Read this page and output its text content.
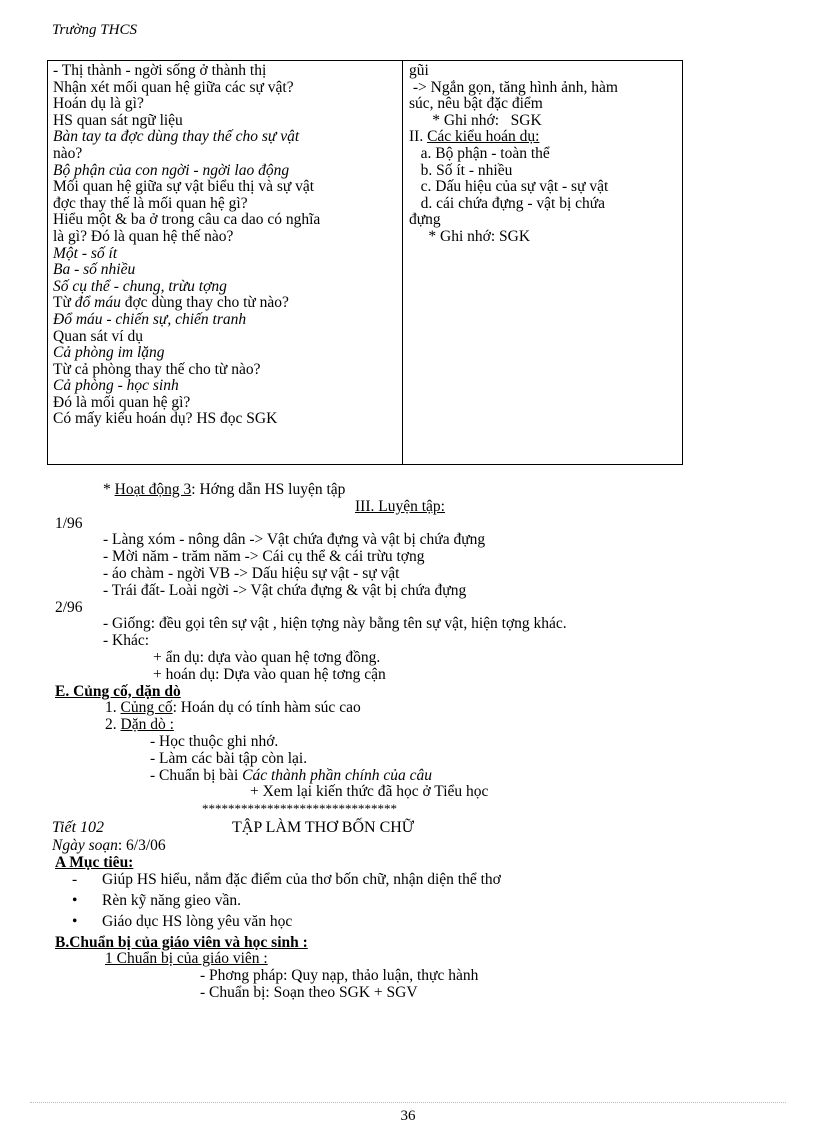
Trường THCS
- Thị thành - ngời sống ở thành thị
Nhận xét mối quan hệ giữa các sự vật?
Hoán dụ là gì?
HS quan sát ngữ liệu
Bàn tay ta đợc dùng thay thế cho sự vật
nào?
Bộ phận của con ngời - ngời lao động
Mối quan hệ giữa sự vật biểu thị và sự vật
đợc thay thế là mối quan hệ gì?
Hiểu một & ba ở trong câu ca dao có nghĩa
là gì? Đó là quan hệ thế nào?
Một - số ít
Ba - số nhiều
Số cụ thể - chung, trừu tợng
Từ đổ máu đợc dùng thay cho từ nào?
Đổ máu - chiến sự, chiến tranh
Quan sát ví dụ
Cả phòng im lặng
Từ cả phòng thay thế cho từ nào?
Cả phòng - học sinh
Đó là mối quan hệ gì?
Có mấy kiểu hoán dụ? HS đọc SGK
gũi
-> Ngắn gọn, tăng hình ảnh, hàm
súc, nêu bật đặc điểm
* Ghi nhớ:   SGK
II. Các kiểu hoán dụ:
a. Bộ phận - toàn thể
b. Số ít - nhiều
c. Dấu hiệu của sự vật - sự vật
d. cái chứa đựng - vật bị chứa
đựng
* Ghi nhớ: SGK
* Hoạt động 3: Hớng dẫn HS luyện tập
III. Luyện tập:
1/96
- Làng xóm - nông dân -> Vật chứa đựng và vật bị chứa đựng
- Mời năm - trăm năm -> Cái cụ thể & cái trừu tợng
- áo chàm - ngời VB -> Dấu hiệu sự vật - sự vật
- Trái đất- Loài ngời -> Vật chứa đựng & vật bị chứa đựng
2/96
- Giống: đều gọi tên sự vật , hiện tợng này bằng tên sự vật, hiện tợng khác.
- Khác:
+ ẩn dụ: dựa vào quan hệ tơng đồng.
+ hoán dụ: Dựa vào quan hệ tơng cận
E. Củng cố, dặn dò
1. Củng cố: Hoán dụ có tính hàm súc cao
2. Dặn dò :
- Học thuộc ghi nhớ.
- Làm các bài tập còn lại.
- Chuẩn bị bài Các thành phần chính của câu
+ Xem lại kiến thức đã học ở Tiểu học
******************************
Tiết 102	TẬP LÀM THƠ BỐN CHỮ
Ngày soạn: 6/3/06
A Mục tiêu:
- Giúp HS hiểu, nắm đặc điểm của thơ bốn chữ, nhận diện thể thơ
• Rèn kỹ năng gieo vần.
• Giáo dục HS lòng yêu văn học
B.Chuẩn bị của giáo viên và học sinh :
1 Chuẩn bị của giáo viên :
- Phơng pháp: Quy nạp, thảo luận, thực hành
- Chuẩn bị: Soạn theo SGK + SGV
36
